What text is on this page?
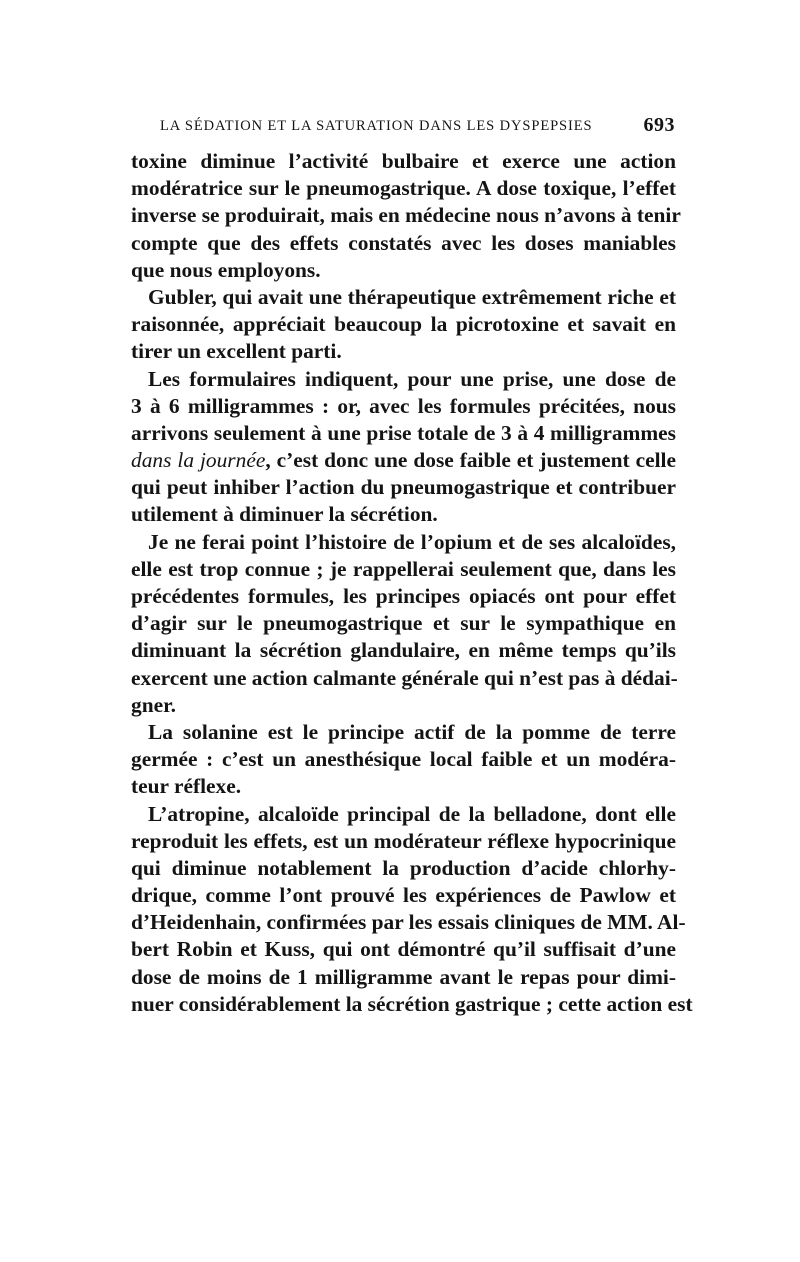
LA SÉDATION ET LA SATURATION DANS LES DYSPEPSIES	693
toxine diminue l’activité bulbaire et exerce une action
modératrice sur le pneumogastrique. A dose toxique, l’effet
inverse se produirait, mais en médecine nous n’avons à tenir
compte que des effets constatés avec les doses maniables
que nous employons.
Gubler, qui avait une thérapeutique extrêmement riche et
raisonnée, appréciait beaucoup la picrotoxine et savait en
tirer un excellent parti.
Les formulaires indiquent, pour une prise, une dose de
3 à 6 milligrammes : or, avec les formules précitées, nous
arrivons seulement à une prise totale de 3 à 4 milligrammes
dans la journée, c’est donc une dose faible et justement celle
qui peut inhiber l’action du pneumogastrique et contribuer
utilement à diminuer la sécrétion.
Je ne ferai point l’histoire de l’opium et de ses alcaloïdes,
elle est trop connue ; je rappellerai seulement que, dans les
précédentes formules, les principes opiacés ont pour effet
d’agir sur le pneumogastrique et sur le sympathique en
diminuant la sécrétion glandulaire, en même temps qu’ils
exercent une action calmante générale qui n’est pas à dédai-
gner.
La solanine est le principe actif de la pomme de terre
germée : c’est un anesthésique local faible et un modéra-
teur réflexe.
L’atropine, alcaloïde principal de la belladone, dont elle
reproduit les effets, est un modérateur réflexe hypocrinique
qui diminue notablement la production d’acide chlorhy-
drique, comme l’ont prouvé les expériences de Pawlow et
d’Heidenhain, confirmées par les essais cliniques de MM. Al-
bert Robin et Kuss, qui ont démontré qu’il suffisait d’une
dose de moins de 1 milligramme avant le repas pour dimi-
nuer considérablement la sécrétion gastrique ; cette action est
